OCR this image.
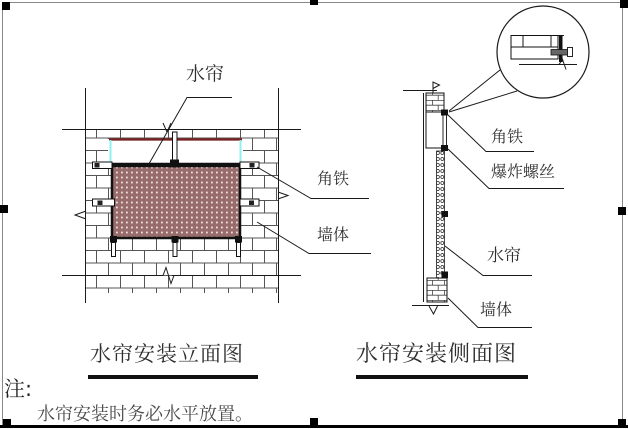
水帘
角铁
墙体
角铁
爆炸螺丝
水帘
墙体
水帘安装立面图	水帘安装侧面图
注:
水帘安装时务必水平放置。
